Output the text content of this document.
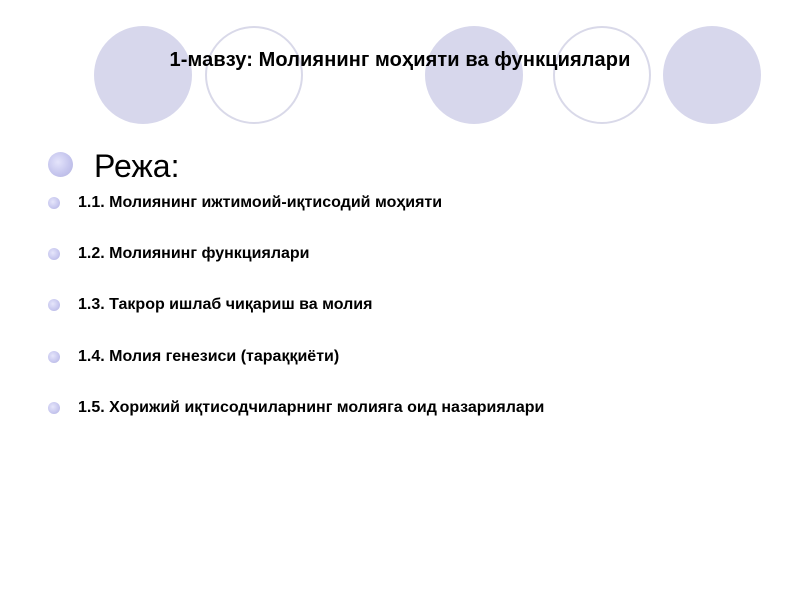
1-мавзу: Молиянинг моҳияти ва функциялари
Режа:
1.1. Молиянинг ижтимоий-иқтисодий моҳияти
1.2. Молиянинг функциялари
1.3. Такрор ишлаб чиқариш ва молия
1.4. Молия генезиси (тараққиёти)
1.5. Хорижий иқтисодчиларнинг молияга оид назариялари
